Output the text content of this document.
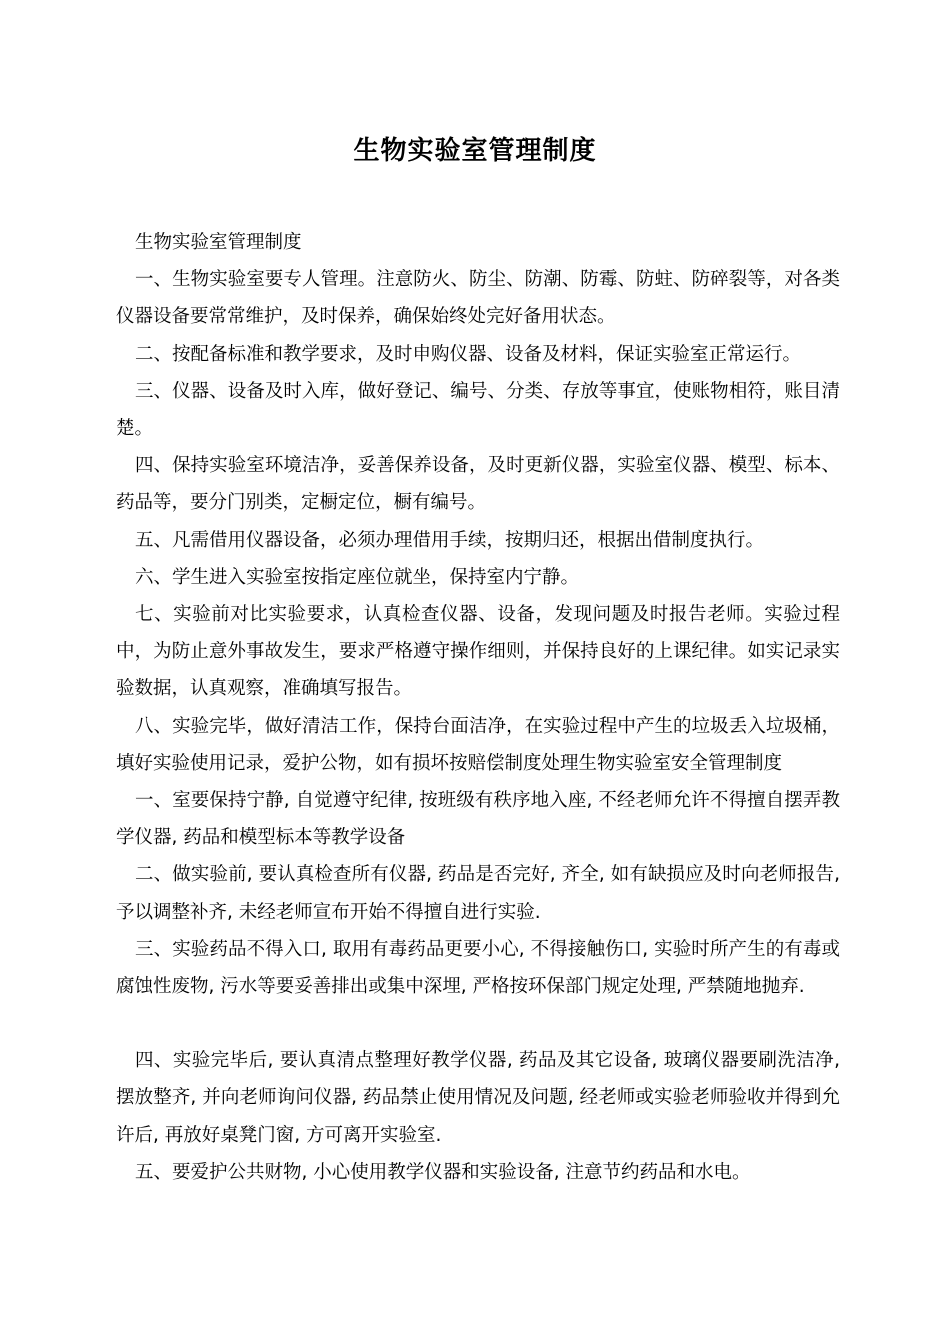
生物实验室管理制度

生物实验室管理制度

一、生物实验室要专人管理。注意防火、防尘、防潮、防霉、防蛀、防碎裂等，对各类仪器设备要常常维护，及时保养，确保始终处完好备用状态。

二、按配备标准和教学要求，及时申购仪器、设备及材料，保证实验室正常运行。

三、仪器、设备及时入库，做好登记、编号、分类、存放等事宜，使账物相符，账目清楚。

四、保持实验室环境洁净，妥善保养设备，及时更新仪器，实验室仪器、模型、标本、药品等，要分门别类，定橱定位，橱有编号。

五、凡需借用仪器设备，必须办理借用手续，按期归还，根据出借制度执行。

六、学生进入实验室按指定座位就坐，保持室内宁静。

七、实验前对比实验要求，认真检查仪器、设备，发现问题及时报告老师。实验过程中，为防止意外事故发生，要求严格遵守操作细则，并保持良好的上课纪律。如实记录实验数据，认真观察，准确填写报告。

八、实验完毕，做好清洁工作，保持台面洁净，在实验过程中产生的垃圾丢入垃圾桶，填好实验使用记录，爱护公物，如有损坏按赔偿制度处理生物实验室安全管理制度

一、室要保持宁静, 自觉遵守纪律, 按班级有秩序地入座, 不经老师允许不得擅自摆弄教学仪器, 药品和模型标本等教学设备

二、做实验前, 要认真检查所有仪器, 药品是否完好, 齐全, 如有缺损应及时向老师报告, 予以调整补齐, 未经老师宣布开始不得擅自进行实验.

三、实验药品不得入口, 取用有毒药品更要小心, 不得接触伤口, 实验时所产生的有毒或腐蚀性废物, 污水等要妥善排出或集中深埋, 严格按环保部门规定处理, 严禁随地抛弃.

四、实验完毕后, 要认真清点整理好教学仪器, 药品及其它设备, 玻璃仪器要刷洗洁净, 摆放整齐, 并向老师询问仪器, 药品禁止使用情况及问题, 经老师或实验老师验收并得到允许后, 再放好桌凳门窗, 方可离开实验室.

五、要爱护公共财物, 小心使用教学仪器和实验设备, 注意节约药品和水电。
